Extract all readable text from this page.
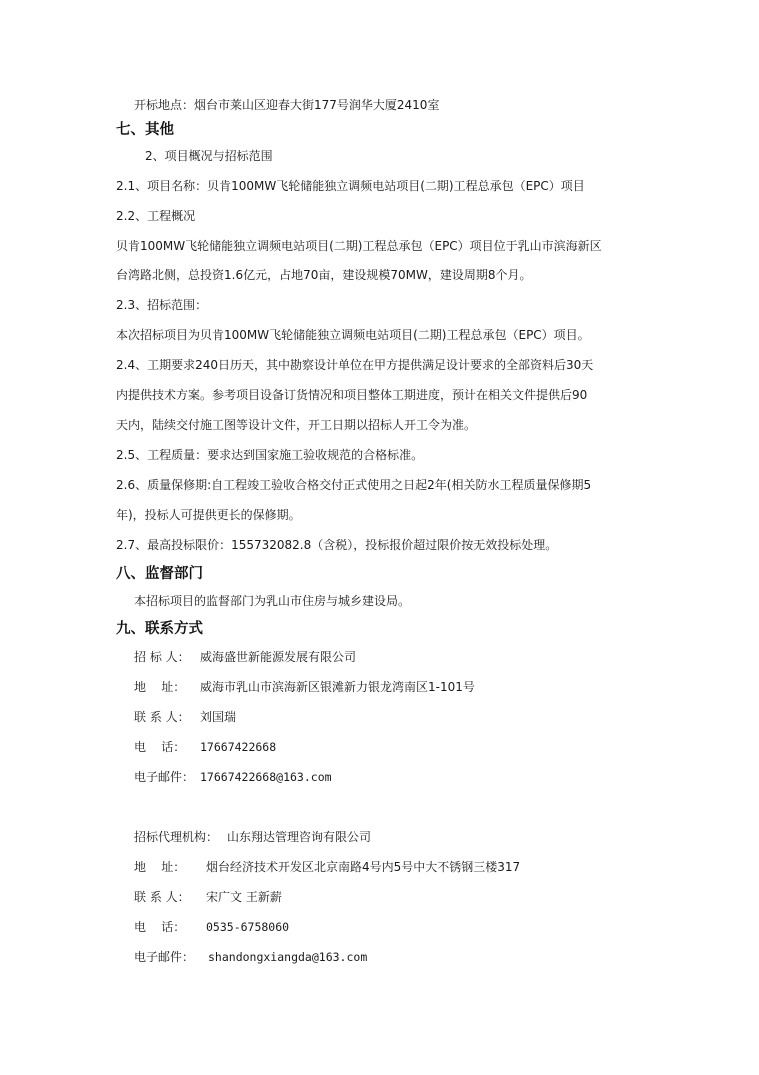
开标地点：烟台市莱山区迎春大街177号润华大厦2410室
七、其他
2、项目概况与招标范围
2.1、项目名称：贝肯100MW飞轮储能独立调频电站项目(二期)工程总承包（EPC）项目
2.2、工程概况
贝肯100MW飞轮储能独立调频电站项目(二期)工程总承包（EPC）项目位于乳山市滨海新区
台湾路北侧，总投资1.6亿元，占地70亩，建设规模70MW，建设周期8个月。
2.3、招标范围：
本次招标项目为贝肯100MW飞轮储能独立调频电站项目(二期)工程总承包（EPC）项目。
2.4、工期要求240日历天，其中勘察设计单位在甲方提供满足设计要求的全部资料后30天
内提供技术方案。参考项目设备订货情况和项目整体工期进度，预计在相关文件提供后90
天内，陆续交付施工图等设计文件，开工日期以招标人开工令为准。
2.5、工程质量：要求达到国家施工验收规范的合格标准。
2.6、质量保修期:自工程竣工验收合格交付正式使用之日起2年(相关防水工程质量保修期5
年)，投标人可提供更长的保修期。
2.7、最高投标限价：155732082.8（含税），投标报价超过限价按无效投标处理。
八、监督部门
本招标项目的监督部门为乳山市住房与城乡建设局。
九、联系方式
招 标 人： 威海盛世新能源发展有限公司
地    址： 威海市乳山市滨海新区银滩新力银龙湾南区1-101号
联 系 人： 刘国瑞
电    话： 17667422668
电子邮件： 17667422668@163.com
招标代理机构： 山东翔达管理咨询有限公司
地    址： 烟台经济技术开发区北京南路4号内5号中大不锈钢三楼317
联 系 人： 宋广文 王新薪
电    话： 0535-6758060
电子邮件： shandongxiangda@163.com
